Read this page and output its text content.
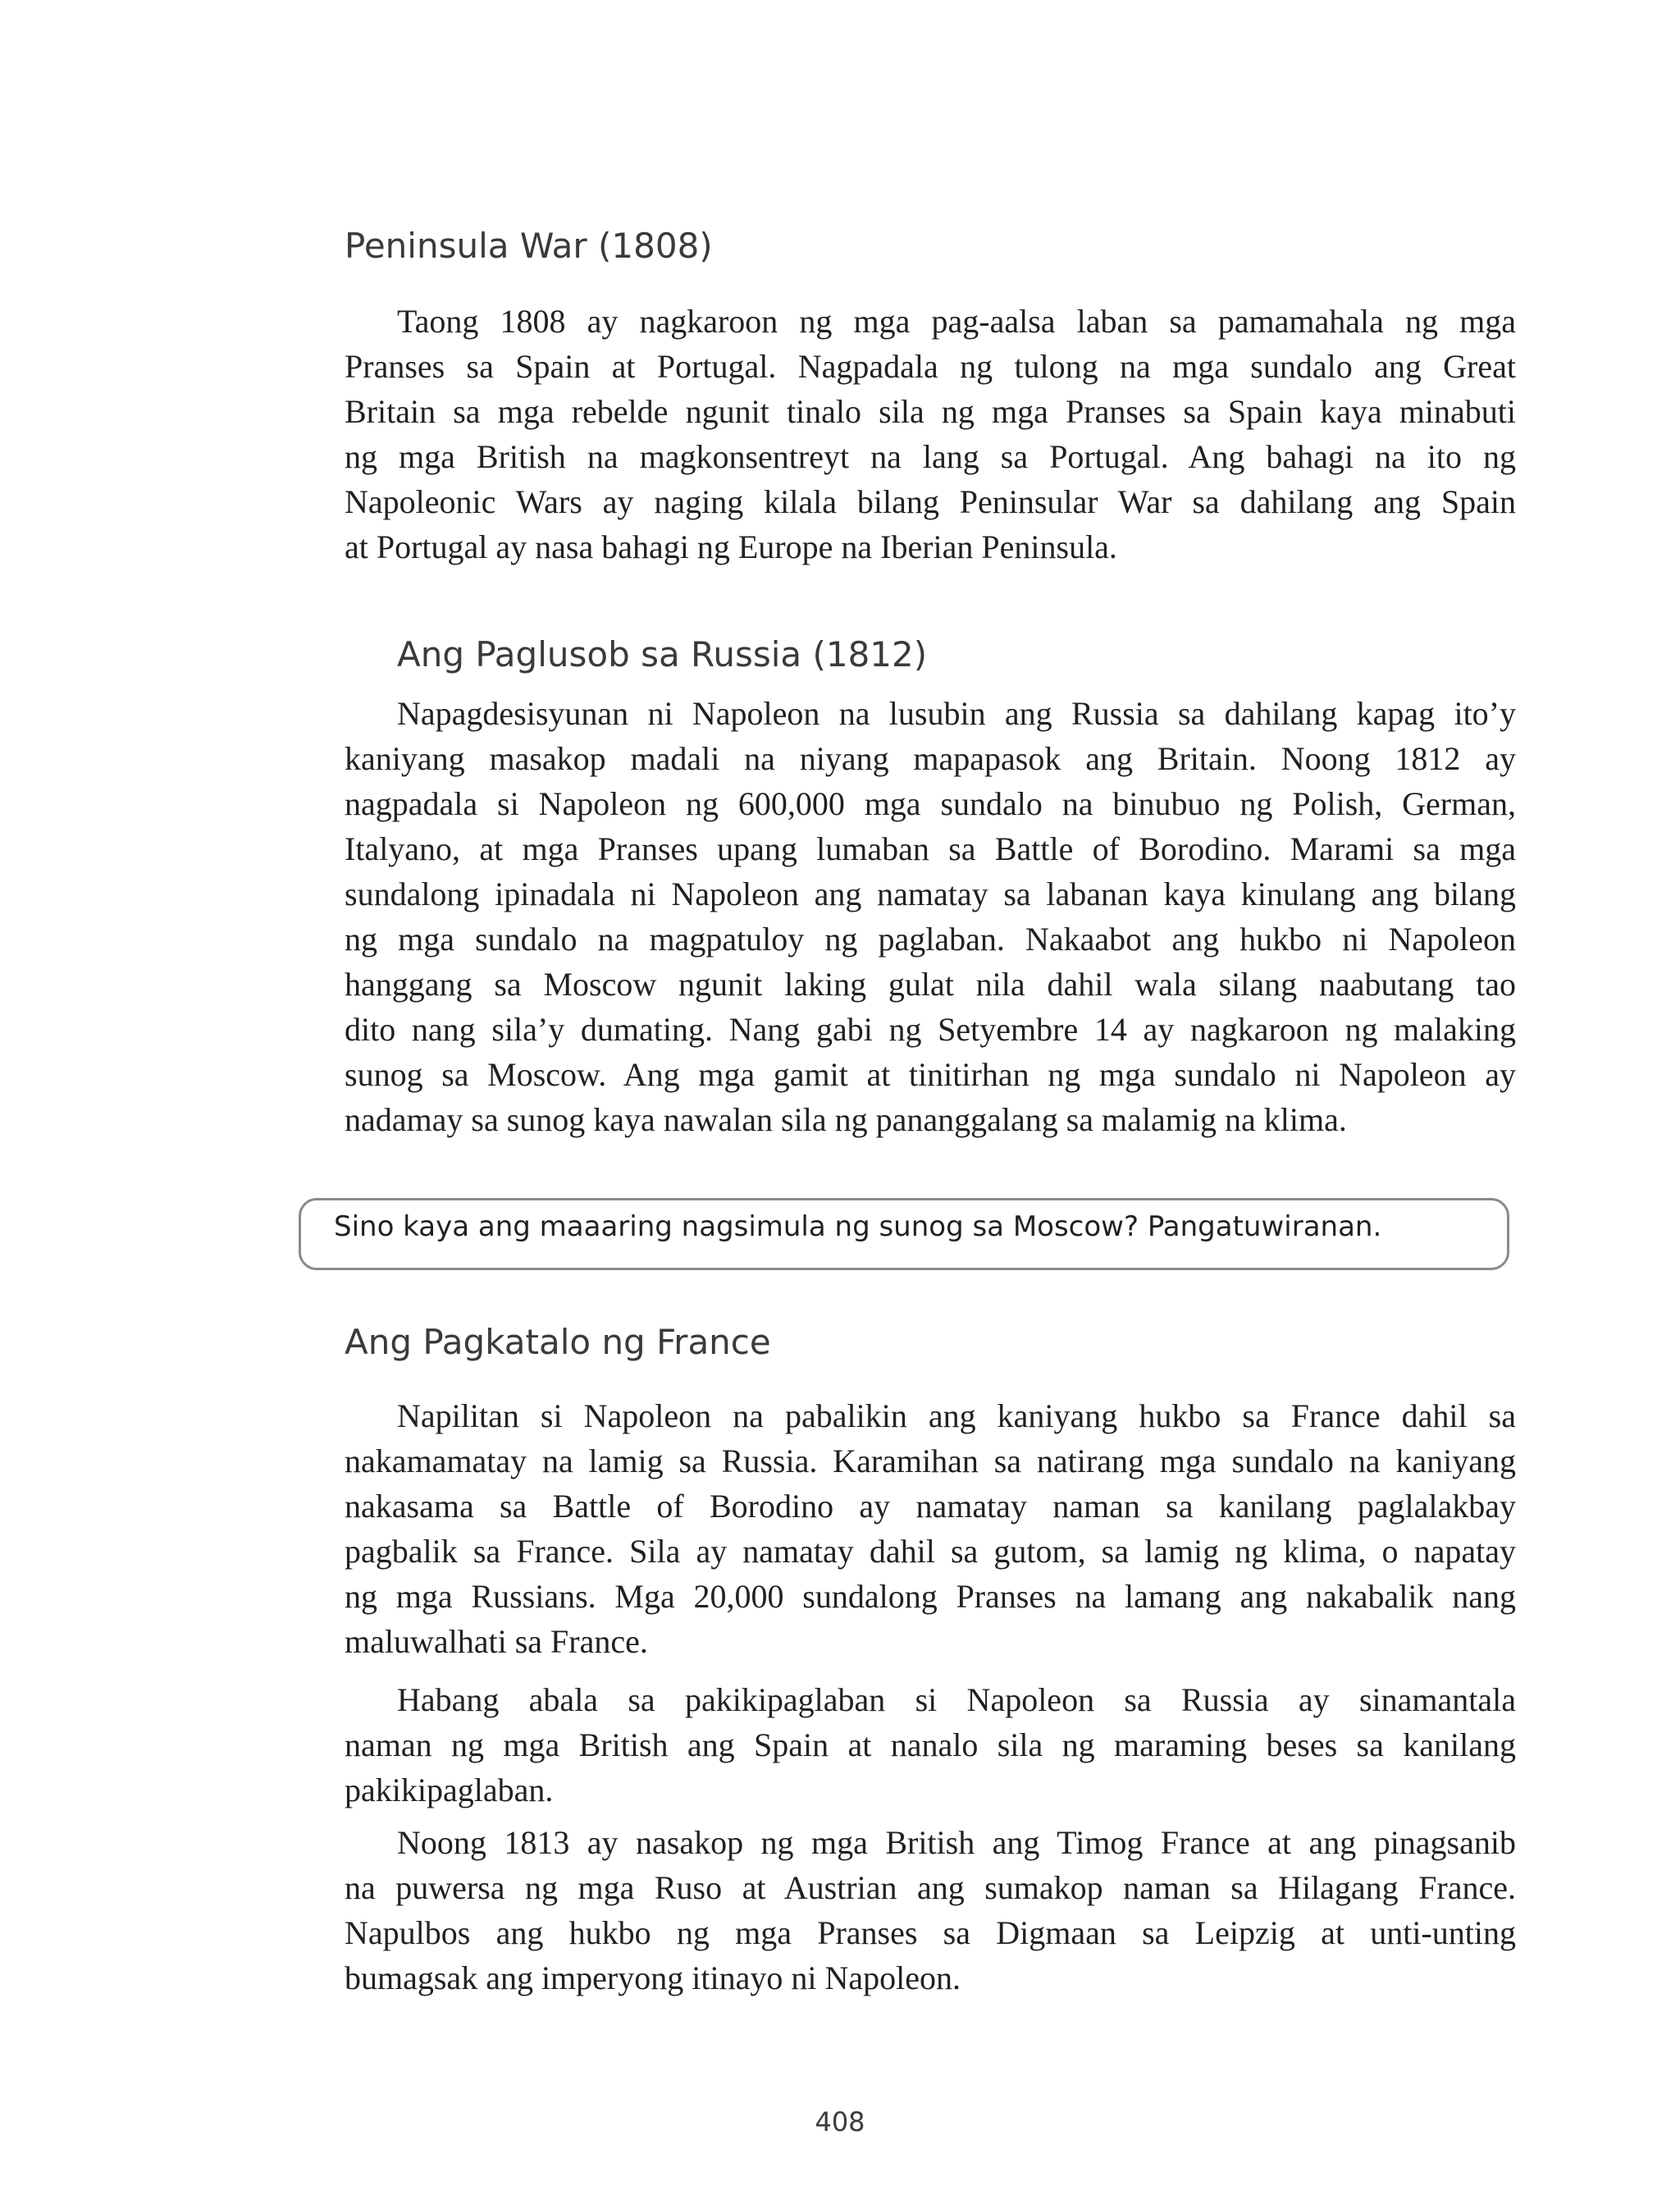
Peninsula War (1808)
Taong 1808 ay nagkaroon ng mga pag-aalsa laban sa pamamahala ng mga
Pranses sa Spain at Portugal. Nagpadala ng tulong na mga sundalo ang Great
Britain sa mga rebelde ngunit tinalo sila ng mga Pranses sa Spain kaya minabuti
ng mga British na magkonsentreyt na lang sa Portugal. Ang bahagi na ito ng
Napoleonic Wars ay naging kilala bilang Peninsular War sa dahilang ang Spain
at Portugal ay nasa bahagi ng Europe na Iberian Peninsula.
Ang Paglusob sa Russia (1812)
Napagdesisyunan ni Napoleon na lusubin ang Russia sa dahilang kapag ito’y
kaniyang masakop madali na niyang mapapasok ang Britain. Noong 1812 ay
nagpadala si Napoleon ng 600,000 mga sundalo na binubuo ng Polish, German,
Italyano, at mga Pranses upang lumaban sa Battle of Borodino. Marami sa mga
sundalong ipinadala ni Napoleon ang namatay sa labanan kaya kinulang ang bilang
ng mga sundalo na magpatuloy ng paglaban. Nakaabot ang hukbo ni Napoleon
hanggang sa Moscow ngunit laking gulat nila dahil wala silang naabutang tao
dito nang sila’y dumating. Nang gabi ng Setyembre 14 ay nagkaroon ng malaking
sunog sa Moscow. Ang mga gamit at tinitirhan ng mga sundalo ni Napoleon ay
nadamay sa sunog kaya nawalan sila ng pananggalang sa malamig na klima.
Sino kaya ang maaaring nagsimula ng sunog sa Moscow? Pangatuwiranan.
Ang Pagkatalo ng France
Napilitan si Napoleon na pabalikin ang kaniyang hukbo sa France dahil sa
nakamamatay na lamig sa Russia. Karamihan sa natirang mga sundalo na kaniyang
nakasama sa Battle of Borodino ay namatay naman sa kanilang paglalakbay
pagbalik sa France. Sila ay namatay dahil sa gutom, sa lamig ng klima, o napatay
ng mga Russians. Mga 20,000 sundalong Pranses na lamang ang nakabalik nang
maluwalhati sa France.
Habang abala sa pakikipaglaban si Napoleon sa Russia ay sinamantala
naman ng mga British ang Spain at nanalo sila ng maraming beses sa kanilang
pakikipaglaban.
Noong 1813 ay nasakop ng mga British ang Timog France at ang pinagsanib
na puwersa ng mga Ruso at Austrian ang sumakop naman sa Hilagang France.
Napulbos ang hukbo ng mga Pranses sa Digmaan sa Leipzig at unti-unting
bumagsak ang imperyong itinayo ni Napoleon.
408
